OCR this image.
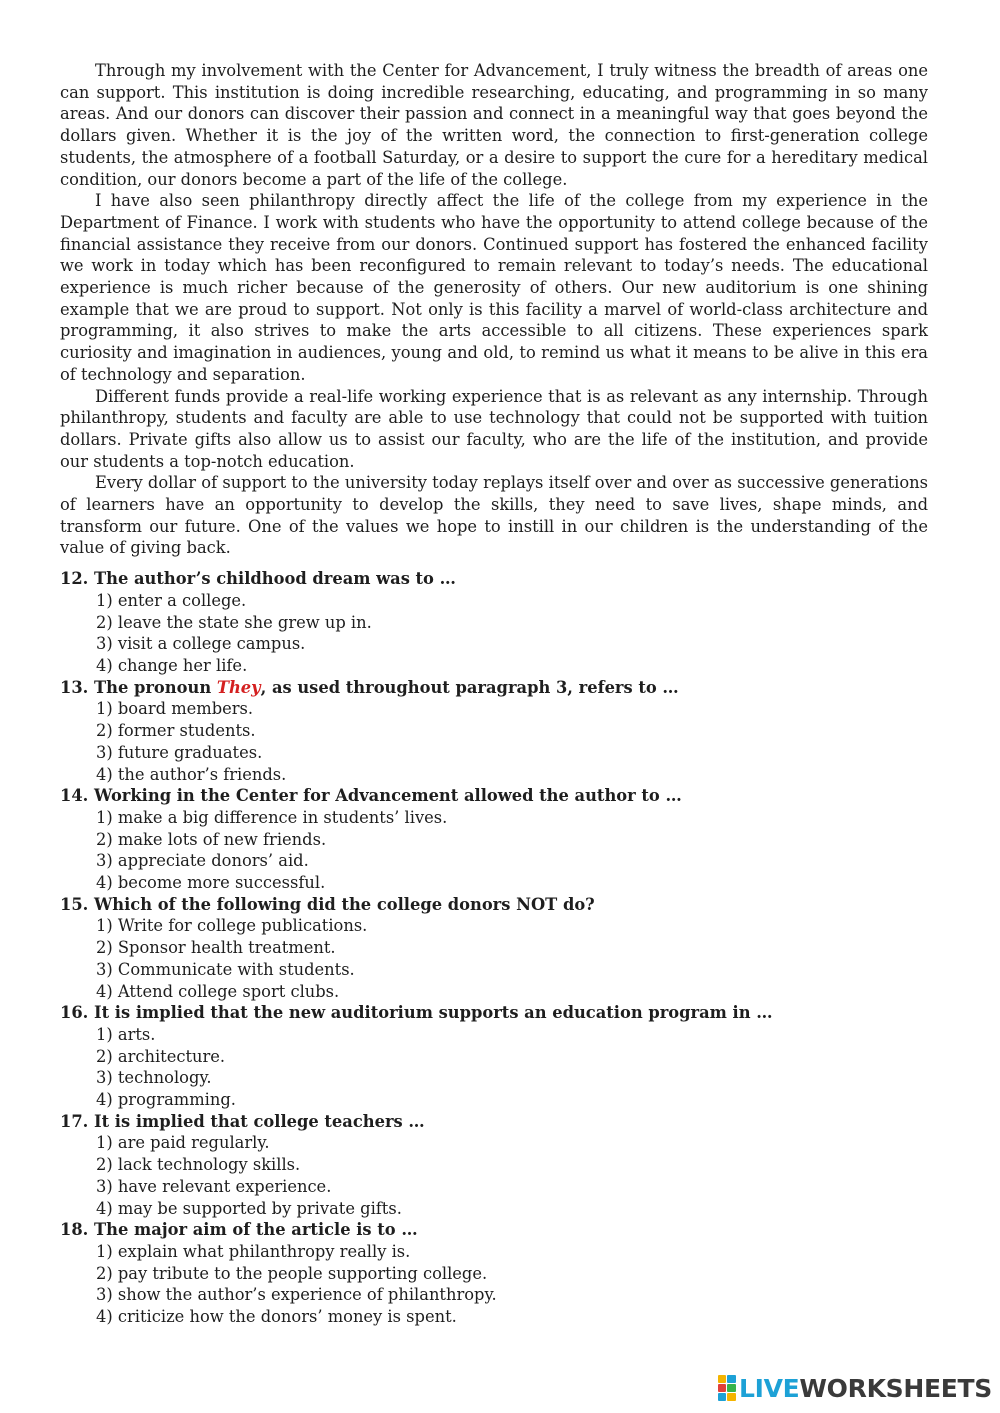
Through my involvement with the Center for Advancement, I truly witness the breadth of areas one can support. This institution is doing incredible researching, educating, and programming in so many areas. And our donors can discover their passion and connect in a meaningful way that goes beyond the dollars given. Whether it is the joy of the written word, the connection to first-generation college students, the atmosphere of a football Saturday, or a desire to support the cure for a hereditary medical condition, our donors become a part of the life of the college.

I have also seen philanthropy directly affect the life of the college from my experience in the Department of Finance. I work with students who have the opportunity to attend college because of the financial assistance they receive from our donors. Continued support has fostered the enhanced facility we work in today which has been reconfigured to remain relevant to today’s needs. The educational experience is much richer because of the generosity of others. Our new auditorium is one shining example that we are proud to support. Not only is this facility a marvel of world-class architecture and programming, it also strives to make the arts accessible to all citizens. These experiences spark curiosity and imagination in audiences, young and old, to remind us what it means to be alive in this era of technology and separation.

Different funds provide a real-life working experience that is as relevant as any internship. Through philanthropy, students and faculty are able to use technology that could not be supported with tuition dollars. Private gifts also allow us to assist our faculty, who are the life of the institution, and provide our students a top-notch education.

Every dollar of support to the university today replays itself over and over as successive generations of learners have an opportunity to develop the skills, they need to save lives, shape minds, and transform our future. One of the values we hope to instill in our children is the understanding of the value of giving back.

12. The author’s childhood dream was to …

1) enter a college.

2) leave the state she grew up in.

3) visit a college campus.

4) change her life.

13. The pronoun They, as used throughout paragraph 3, refers to …

1) board members.

2) former students.

3) future graduates.

4) the author’s friends.

14. Working in the Center for Advancement allowed the author to …

1) make a big difference in students’ lives.

2) make lots of new friends.

3) appreciate donors’ aid.

4) become more successful.

15. Which of the following did the college donors NOT do?

1) Write for college publications.

2) Sponsor health treatment.

3) Communicate with students.

4) Attend college sport clubs.

16. It is implied that the new auditorium supports an education program in …

1) arts.

2) architecture.

3) technology.

4) programming.

17. It is implied that college teachers …

1) are paid regularly.

2) lack technology skills.

3) have relevant experience.

4) may be supported by private gifts.

18. The major aim of the article is to …

1) explain what philanthropy really is.

2) pay tribute to the people supporting college.

3) show the author’s experience of philanthropy.

4) criticize how the donors’ money is spent.

LIVEWORKSHEETS
